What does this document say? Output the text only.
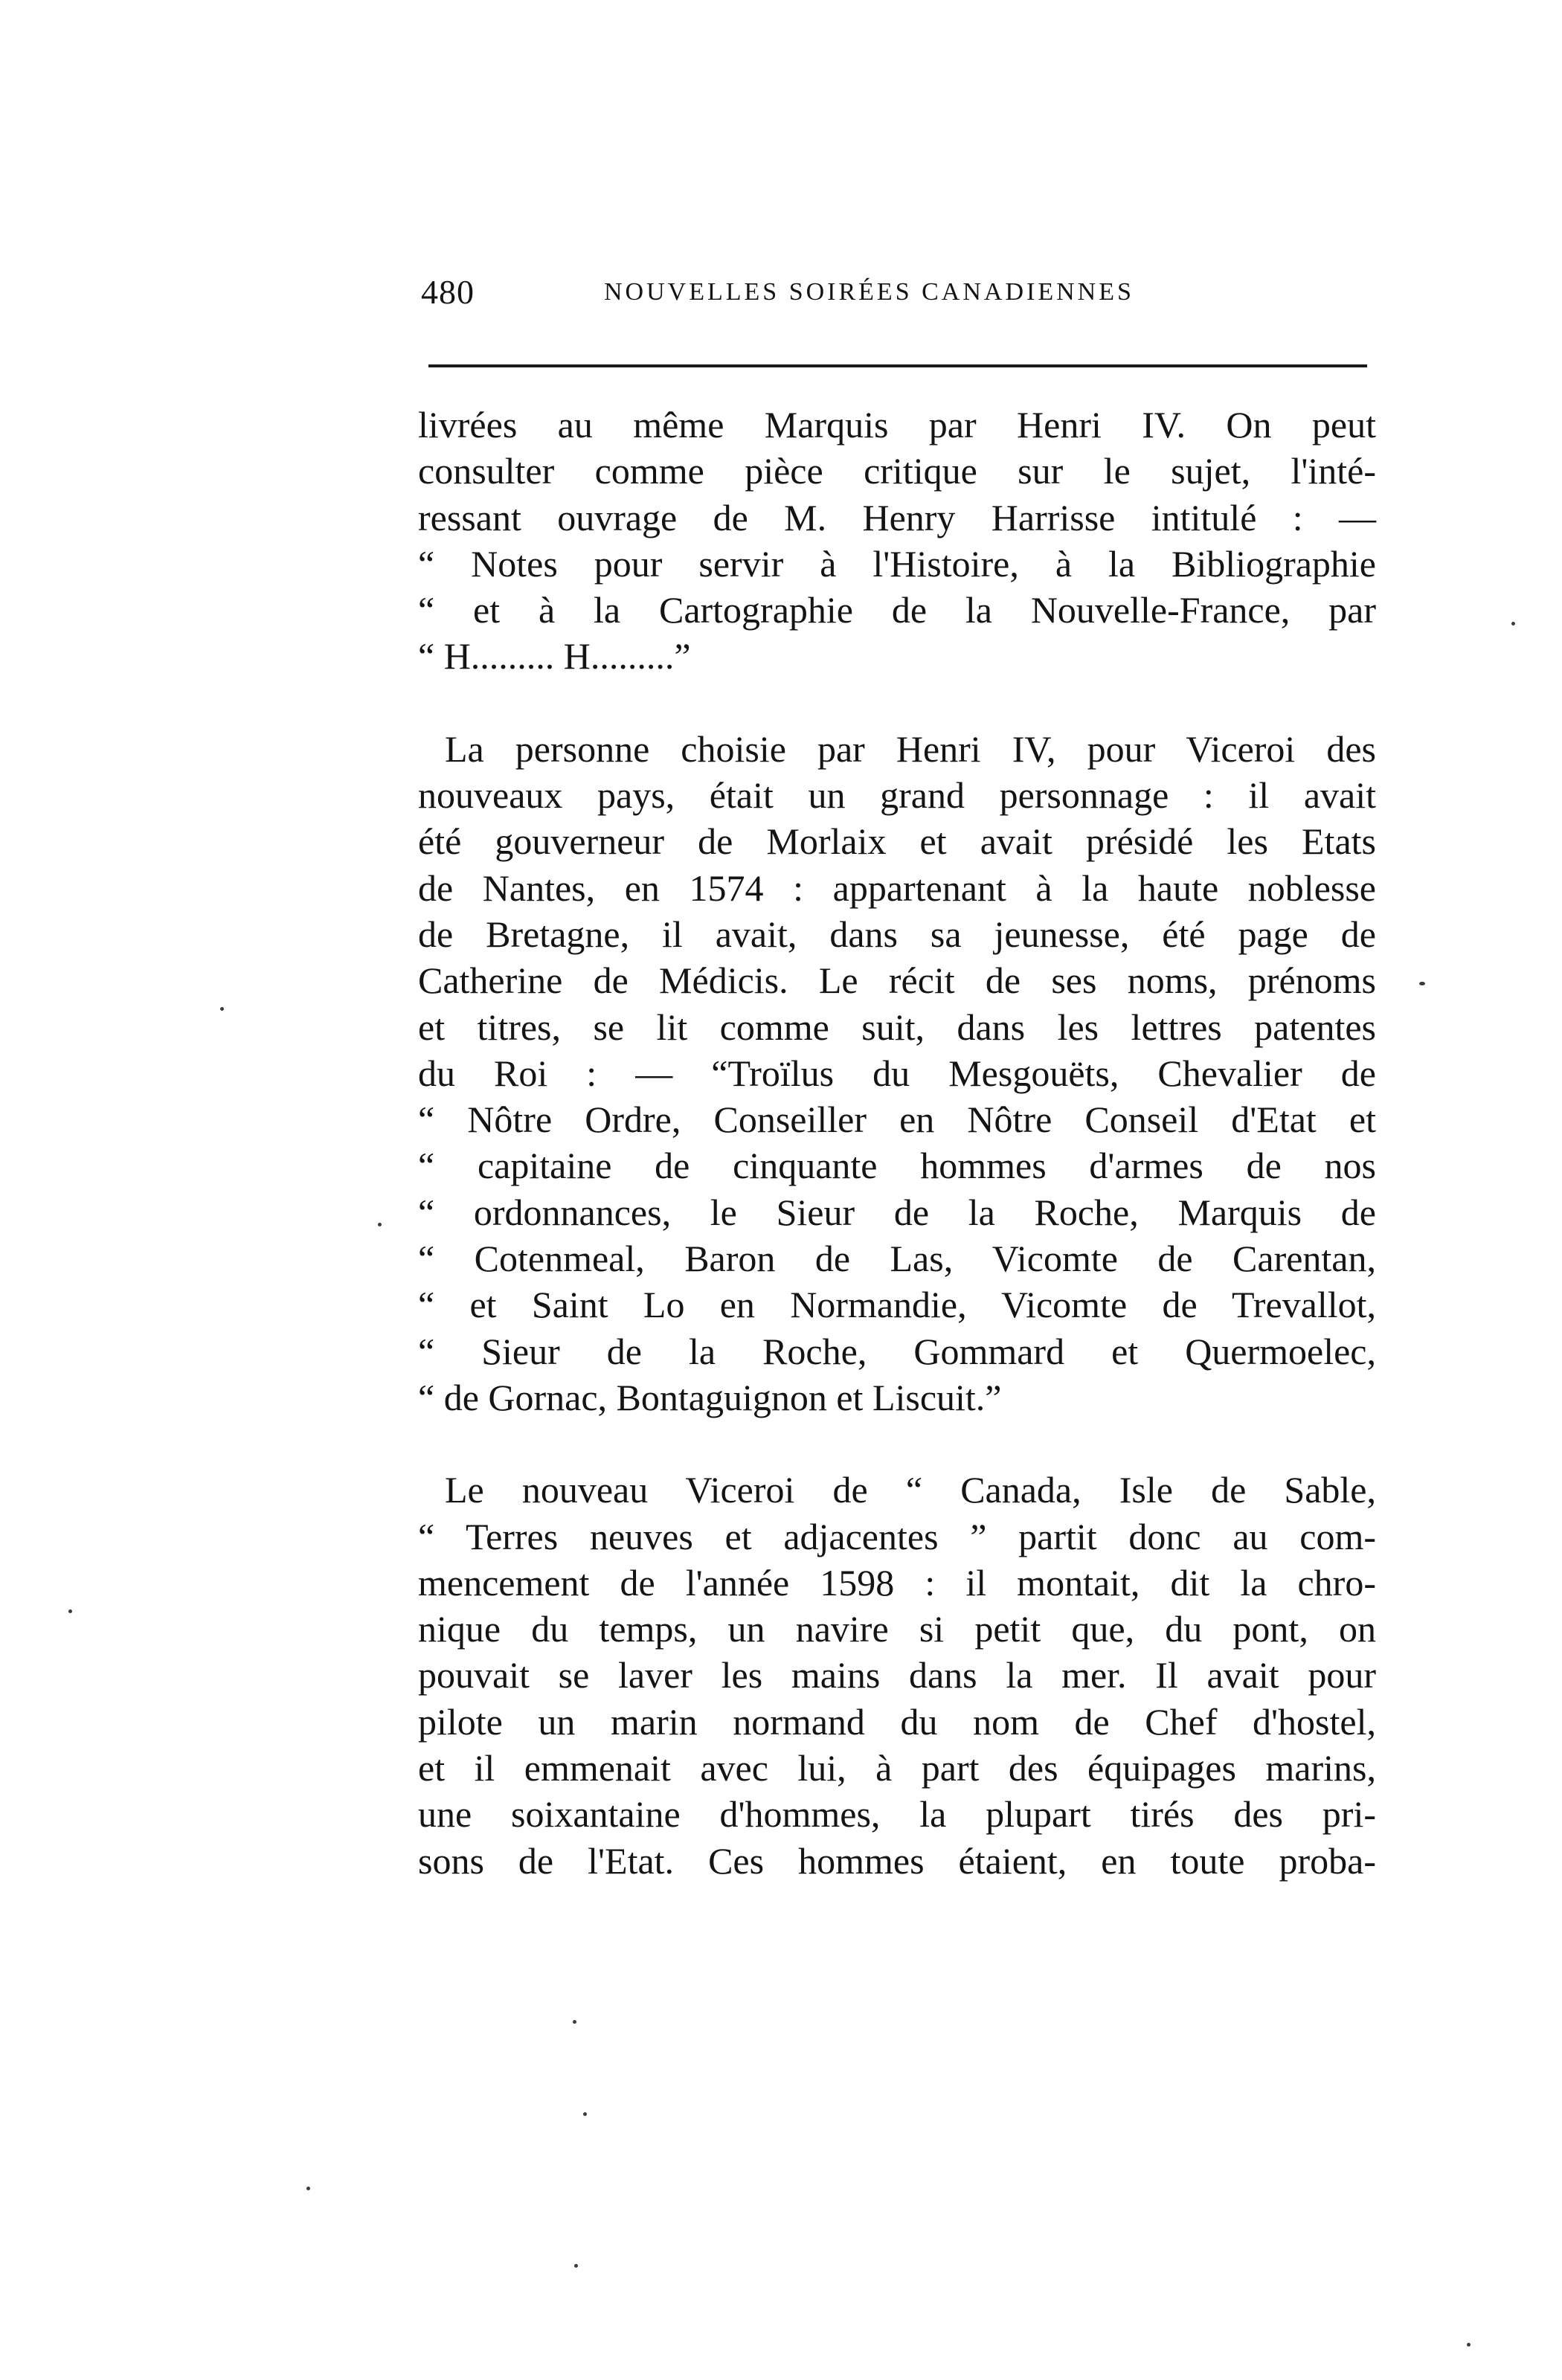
480	NOUVELLES SOIRÉES CANADIENNES
livrées au même Marquis par Henri IV. On peut
consulter comme pièce critique sur le sujet, l'inté-
ressant ouvrage de M. Henry Harrisse intitulé : —
“ Notes pour servir à l'Histoire, à la Bibliographie
“ et à la Cartographie de la Nouvelle-France, par
“ H......... H.........”
La personne choisie par Henri IV, pour Viceroi des
nouveaux pays, était un grand personnage : il avait
été gouverneur de Morlaix et avait présidé les Etats
de Nantes, en 1574 : appartenant à la haute noblesse
de Bretagne, il avait, dans sa jeunesse, été page de
Catherine de Médicis. Le récit de ses noms, prénoms
et titres, se lit comme suit, dans les lettres patentes
du Roi : — “Troïlus du Mesgouëts, Chevalier de
“ Nôtre Ordre, Conseiller en Nôtre Conseil d'Etat et
“ capitaine de cinquante hommes d'armes de nos
“ ordonnances, le Sieur de la Roche, Marquis de
“ Cotenmeal, Baron de Las, Vicomte de Carentan,
“ et Saint Lo en Normandie, Vicomte de Trevallot,
“ Sieur de la Roche, Gommard et Quermoelec,
“ de Gornac, Bontaguignon et Liscuit.”
Le nouveau Viceroi de “ Canada, Isle de Sable,
“ Terres neuves et adjacentes ” partit donc au com-
mencement de l'année 1598 : il montait, dit la chro-
nique du temps, un navire si petit que, du pont, on
pouvait se laver les mains dans la mer. Il avait pour
pilote un marin normand du nom de Chef d'hostel,
et il emmenait avec lui, à part des équipages marins,
une soixantaine d'hommes, la plupart tirés des pri-
sons de l'Etat. Ces hommes étaient, en toute proba-
